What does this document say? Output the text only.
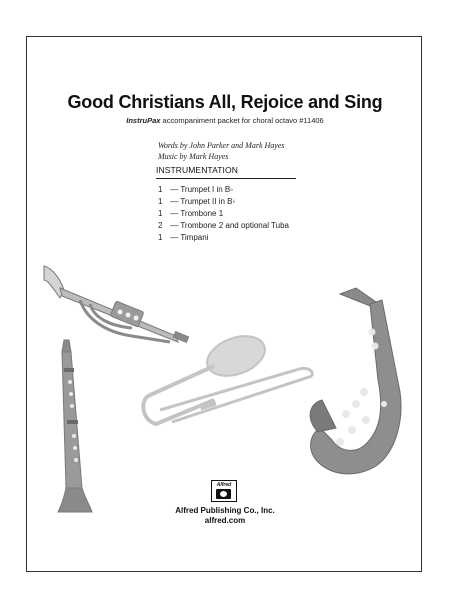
Good Christians All, Rejoice and Sing
InstruPax accompaniment packet for choral octavo #11406
Words by John Parker and Mark Hayes
Music by Mark Hayes
INSTRUMENTATION
1 — Trumpet I in B♭
1 — Trumpet II in B♭
1 — Trombone 1
2 — Trombone 2 and optional Tuba
1 — Timpani
Alfred
Alfred Publishing Co., Inc.
alfred.com
